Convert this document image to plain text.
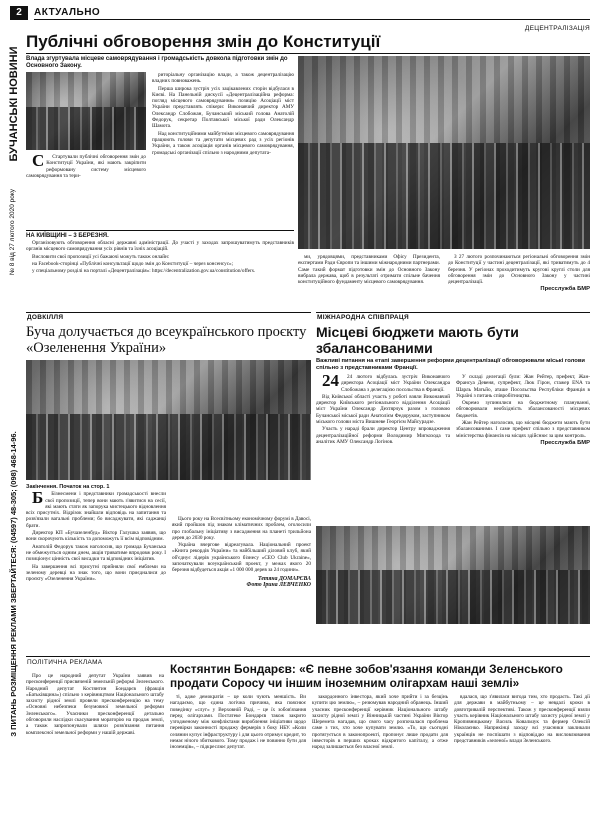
2	АКТУАЛЬНО
БУЧАНСЬКІ НОВИНИ
№ 8 від 27 лютого 2020 року
З ПИТАНЬ РОЗМІЩЕННЯ РЕКЛАМИ ЗВЕРТАЙТЕСЯ: (04597) 48-305; (098) 468-14-96.
ДЕЦЕНТРАЛІЗАЦІЯ
Публічні обговорення змін до Конституції
Влада згуртувала місцеве самоврядування і громадськість довкола підготовки змін до Основного Закону.

С Стартували публічні обговорення змін до Конституції України, які мають закріпити реформовану систему місцевого самоврядування та тери-

риторіальну організацію влади, а також децентралізацію владних повноважень.

Перша широка зустріч усіх зацікавлених сторін відбулася в Києві. На Панельній дискусії «Децентралізаційна реформа: погляд місцевого самоврядування» позицію Асоціації міст України представлять спікери: Виконавчий директор АМУ Олександр Слобожан, Бучанський міський голова Анатолій Федорук, секретар Полтавської міської ради Олександр Шамота.

Над конституційними майбутніми місцевого самоврядування працюють голови та депутати місцевих рад з усіх регіонів України, а також асоціація органів місцевого самоврядування, громадські організації спільно з народними депутата-

НА КИЇВЩИНІ – 3 БЕРЕЗНЯ.

Організовують обговорення обласні державні адміністрації. До участі у заходах запрошуватимуть представників органів місцевого самоврядування усіх рівнів та їхніх асоціацій.

Висловити свої пропозиції усі бажаючі можуть також онлайн:

на Facebook-сторінці «Публічні консультації щодо змін до Конституції – через консенсус»;

у спеціальному розділі на порталі «Децентралізація»: https://decentralization.gov.ua/constitution/offers.

ми, урядовцями, представниками Офісу Президента, експертами Ради Європи та іншими міжнародними партнерами. Саме такий формат підготовки змін до Основного Закону вибрала держава, щоб в результаті отримати спільне бачення конституційного фундаменту місцевого самоврядування.

З 27 лютого розпочинаються регіональні обговорення змін до Конституції у частині децентралізації, які триватимуть до 4 березня. У регіонах проходитимуть кругові круглі столи для обговорення змін до Основного Закону у частині децентралізації.

Пресслужба БМР
ДОВКІЛЛЯ
Буча долучається до всеукраїнського проєкту «Озеленення України»
Закінчення. Початок на стор. 1

Б Бізнесмени і представники громадськості внесли свої пропозиції, тепер вони мають з'явитися на сесії, які мають стати як запорука мистецького відновлення всіх присутніх. Відрізок знайшли відповідь на запитання та розв'язали вагальні проблеми; бо висаджувати, які саджанці брати.

Директор КП «Бучазеленбуд» Віктор Галушка заявив, що вони скорочують кількість та допоможуть її всім відповідним.

Анатолій Федорук також наголосив, що громада Бучанська не обмежується одним днем, акція триватиме впродовж року. І позиціонує цінність свої висадки та відповідних ініціатив.

На завершення всі присутні прийняли свої емблеми на зеленому деревці на знак того, що вони приєдналися до проєкту «Озеленення України».

Цього року на Всесвітньому економічному форумі в Давосі, який пройшов під знаком кліматичних проблем, оголосили про глобальну ініціативу з висадження на планеті трильйона дерев до 2030 року.

Україна вчергове відреагувала. Національний проект «Книга рекордів України» та найбільший діловий клуб, який об'єднує лідерів українського бізнесу «CEO Club Ukraine», започаткували всеукраїнський проект, у межах якого 20 березня відбудеться акція «1 000 000 дерев за 24 години».

Тетяна ДОМАРЄВА
Фото Ірина ЛЕВЧЕНКО
МІЖНАРОДНА СПІВПРАЦЯ
Місцеві бюджети мають бути збалансованими
Важливі питання на етапі завершення реформи децентралізації обговорювали міські голови спільно з представниками Франції.

24 24 лютого відбулась зустріч Виконавчого директора Асоціації міст України Олександра Слобожана з делегацією посольства в Франції.

Від Київської області участь у роботі взяли Виконавчий директор Київського регіонального відділення Асоціації міст України Олександр Дехтярчук разом з головою Бучанської міської ради Анатолієм Федоруком, заступником міського голови міста Вишневе Георгієм Майсурадзе.

Участь у нараді брали директор Центру впровадження децентралізаційної реформи Володимир Мигкохода та аналітик АМУ Олександр Логінов.

У складі делегації були: Жан Рейтер, префект, Жан-Франсуа Девеня, супрефект, Люк Гірон, стажер ENA та Шарль Матьйо, аташе Посольства Республіки Франція в Україні з питань співробітництва.

Окремо зупинилися на бюджетному плануванні, обговорювали необхідність збалансованості місцевих бюджетів.

Жан Рейтер наголосив, що місцеві бюджети мають бути збалансованими. І саме префект спільно з представником міністерства фінансів на місцях здійснює за цим контроль.

Пресслужба БМР
ПОЛІТИЧНА РЕКЛАМА	Костянтин Бондарєв: «Є певне зобов'язання команди Зеленського продати Соросу чи іншим іноземним олігархам наші землі»

Про це народний депутат України заявив на пресконференції присвяченій земельній реформі Зеленського. Народний депутат Костянтин Бондарєв (фракція «Батьківщина») спільно з керівництвом Національного штабу захисту рідної землі провели пресконференцію на тему «Основні небезпеки безумовної земельної реформи Зеленського». Учасники пресконференції детально обговорили наслідки скасування мораторію на продаж землі, а також запропонували шляхи розв'язання питання комплексної земельної реформи у нашій державі.

ті, адже демократія – це коли чують меншість. Ви нагадаємо, що єдина логічна причина, яка пояснює поведінку «слуг» у Верховній Раді, – це їх зобов'язання перед олігархами. Постатеке Бондарєв також закрито узгодженому між конфліктами вироблення ініціативи щодо перевірки законності продажу фермерів з боку НБУ. «Коли селянин купує інфраструктуру і для цього отримує кредит, то немає нічого збиткового. Тому продаж і не повинно бути для іноземців», – підкреслює депутат.

закордонного інвестора, який хоче прийти і за безцінь купити цю землю», – резюмував народний обранець. Інший учасник пресконференції керівник Національного штабу захисту рідної землі у Вінницькій частині України Віктор Шереметa нагадав, що свого часу розпочалася проблема саме з тих, хто хоче купувати землю. «То, що сьогодні протягується в законопроекті, пропонує лише продати для інвесторів в перших кроках відкритого капіталу, а отже народ залишається без власної землі.

вдалася, що з'явилася вигода тим, хто продасть. Такі дії для держави в майбутньому – це невдалі кроки в довготривалій перспективі. Також у пресконференції взяли участь керівник Національного штабу захисту рідної землі у Кропивницькому Василь Ковальчук та фермер Олексій Ніколаєнко. Наприкінці заходу всі учасники закликали українців не поспішати з відповіддю на висловлювання представників «зеленої» влади Зеленського.
